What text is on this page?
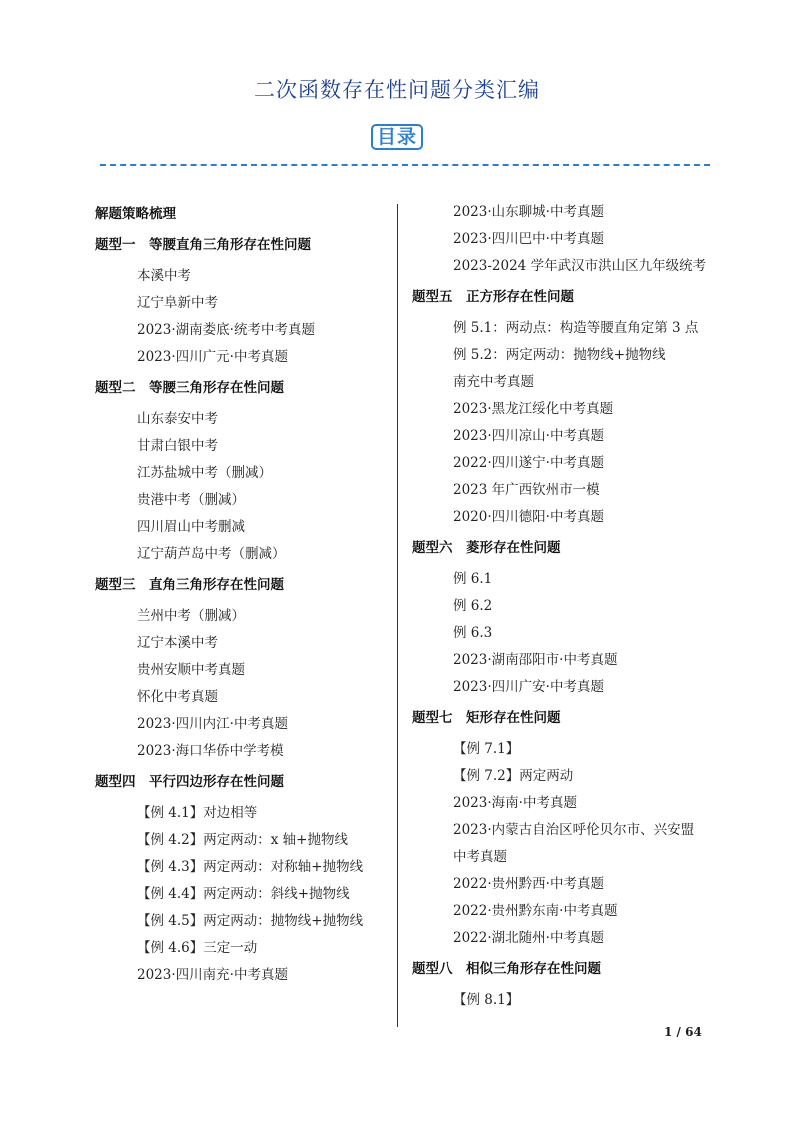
二次函数存在性问题分类汇编
目录
解题策略梳理
题型一　等腰直角三角形存在性问题
本溪中考
辽宁阜新中考
2023·湖南娄底·统考中考真题
2023·四川广元·中考真题
题型二　等腰三角形存在性问题
山东泰安中考
甘肃白银中考
江苏盐城中考（删减）
贵港中考（删减）
四川眉山中考删减
辽宁葫芦岛中考（删减）
题型三　直角三角形存在性问题
兰州中考（删减）
辽宁本溪中考
贵州安顺中考真题
怀化中考真题
2023·四川内江·中考真题
2023·海口华侨中学考模
题型四　平行四边形存在性问题
【例 4.1】对边相等
【例 4.2】两定两动：x 轴+抛物线
【例 4.3】两定两动：对称轴+抛物线
【例 4.4】两定两动：斜线+抛物线
【例 4.5】两定两动：抛物线+抛物线
【例 4.6】三定一动
2023·四川南充·中考真题
2023·山东聊城·中考真题
2023·四川巴中·中考真题
2023-2024 学年武汉市洪山区九年级统考
题型五　正方形存在性问题
例 5.1：两动点：构造等腰直角定第 3 点
例 5.2：两定两动：抛物线+抛物线
南充中考真题
2023·黑龙江绥化中考真题
2023·四川凉山·中考真题
2022·四川遂宁·中考真题
2023 年广西钦州市一模
2020·四川德阳·中考真题
题型六　菱形存在性问题
例 6.1
例 6.2
例 6.3
2023·湖南邵阳市·中考真题
2023·四川广安·中考真题
题型七　矩形存在性问题
【例 7.1】
【例 7.2】两定两动
2023·海南·中考真题
2023·内蒙古自治区呼伦贝尔市、兴安盟
中考真题
2022·贵州黔西·中考真题
2022·贵州黔东南·中考真题
2022·湖北随州·中考真题
题型八　相似三角形存在性问题
【例 8.1】
1 / 64
